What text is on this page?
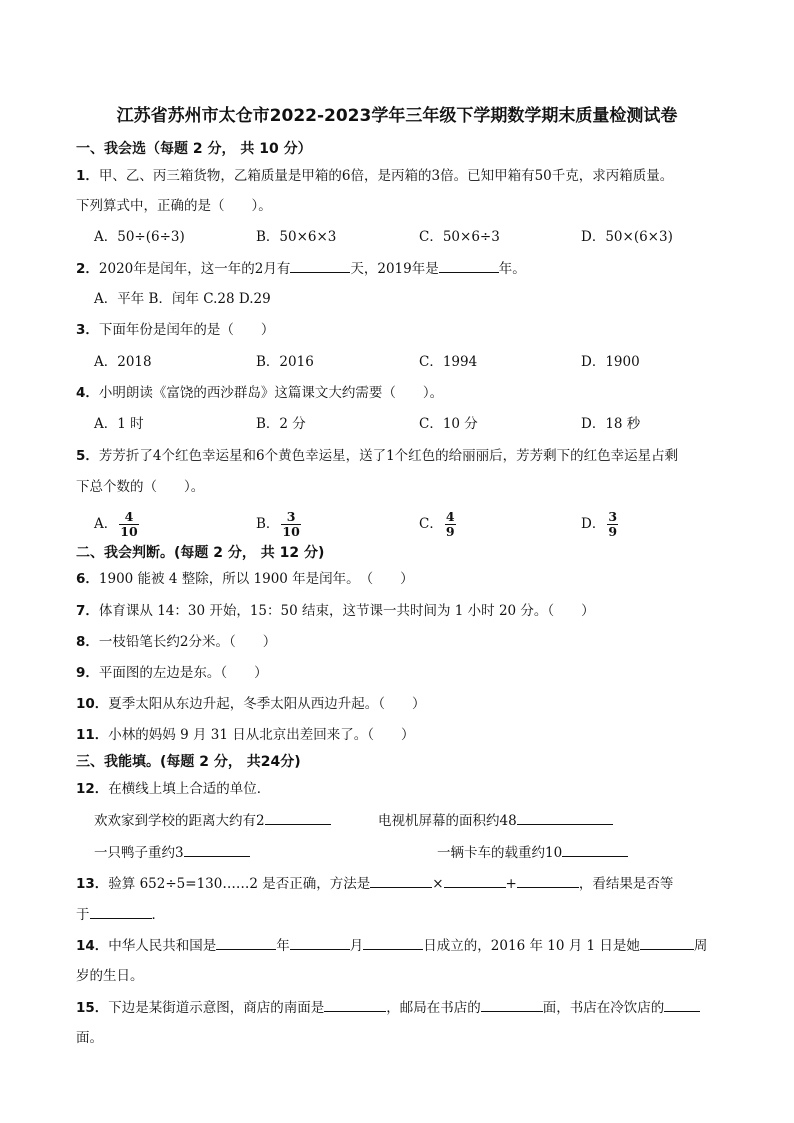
江苏省苏州市太仓市2022-2023学年三年级下学期数学期末质量检测试卷
一、我会选（每题 2 分， 共 10 分）
1．甲、乙、丙三箱货物，乙箱质量是甲箱的6倍，是丙箱的3倍。已知甲箱有50千克，求丙箱质量。
下列算式中，正确的是（　　）。
A．50÷(6÷3)	B．50×6×3	C．50×6÷3	D．50×(6×3)
2．2020年是闰年，这一年的2月有	天，2019年是	年。
A．平年 B．闰年 C.28 D.29
3．下面年份是闰年的是（　　）
A．2018	B．2016	C．1994	D．1900
4．小明朗读《富饶的西沙群岛》这篇课文大约需要（　　）。
A．1 时	B．2 分	C．10 分	D．18 秒
5．芳芳折了4个红色幸运星和6个黄色幸运星，送了1个红色的给丽丽后，芳芳剩下的红色幸运星占剩
下总个数的（　　）。
A． $\frac{4}{10}$	B． $\frac{3}{10}$	C． $\frac{4}{9}$	D． $\frac{3}{9}$
二、我会判断。(每题 2 分， 共 12 分)
6．1900 能被 4 整除，所以 1900 年是闰年。　（　　）
7．体育课从 14：30 开始，15：50 结束，这节课一共时间为 1 小时 20 分。（　　）
8．一枝铅笔长约2分米。（　　）
9．平面图的左边是东。（　　）
10．夏季太阳从东边升起，冬季太阳从西边升起。（　　）
11．小林的妈妈 9 月 31 日从北京出差回来了。（　　）
三、我能填。(每题 2 分， 共24分)
12．在横线上填上合适的单位．
欢欢家到学校的距离大约有2	电视机屏幕的面积约48
一只鸭子重约3	一辆卡车的载重约10
13．验算 652÷5=130……2 是否正确，方法是	×	+	，看结果是否等
于	．
14．中华人民共和国是	年	月	日成立的，2016 年 10 月 1 日是她	周
岁的生日。
15．下边是某街道示意图，商店的南面是	，邮局在书店的	面，书店在冷饮店的
面。
